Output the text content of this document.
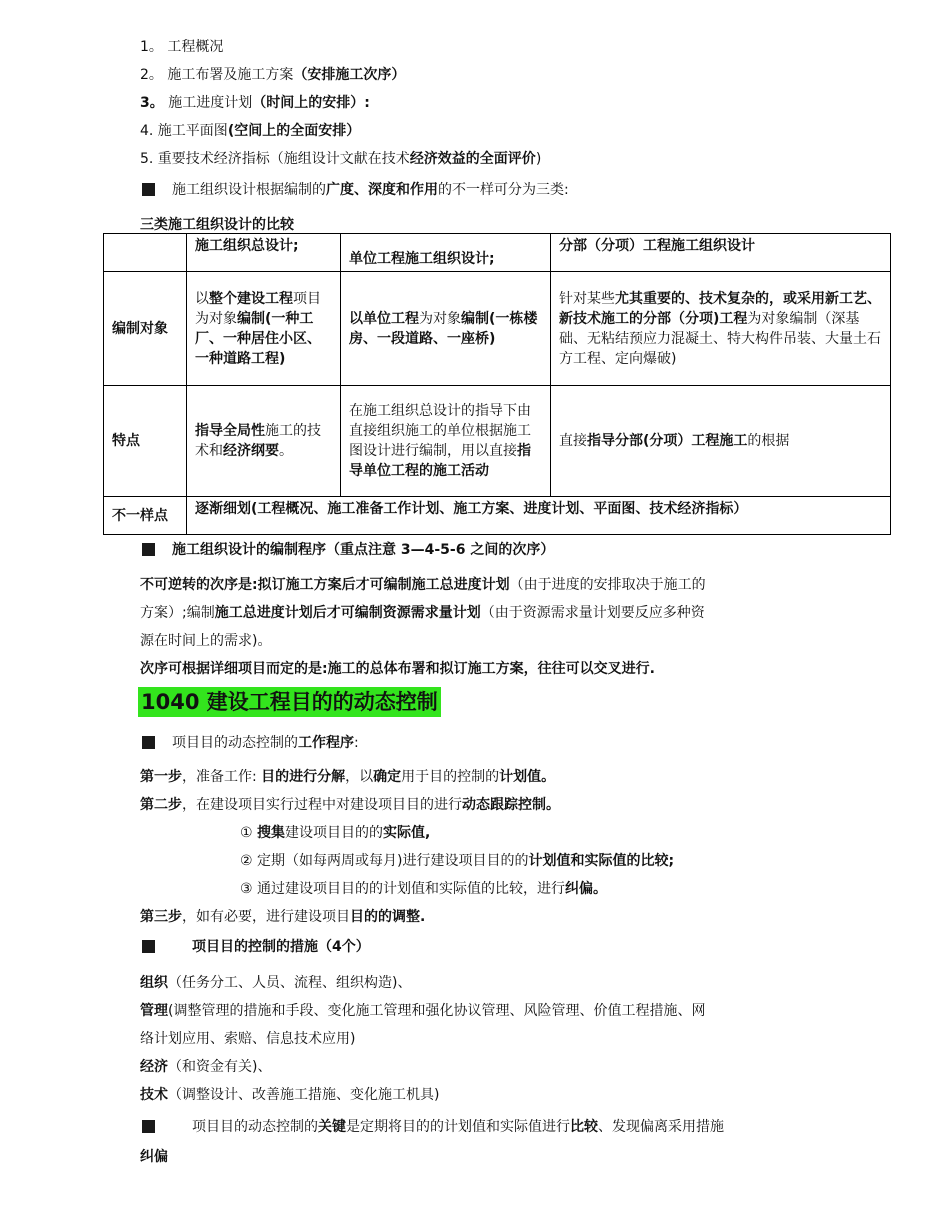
1。 工程概况
2。 施工布署及施工方案（安排施工次序）
3。 施工进度计划（时间上的安排）:
4. 施工平面图(空间上的全面安排）
5. 重要技术经济指标（施组设计文献在技术经济效益的全面评价)
施工组织设计根据编制的广度、深度和作用的不一样可分为三类:
三类施工组织设计的比较
	施工组织总设计;	单位工程施工组织设计;	分部（分项）工程施工组织设计
编制对象	以整个建设工程项目为对象编制(一种工厂、一种居住小区、一种道路工程)	以单位工程为对象编制(一栋楼房、一段道路、一座桥)	针对某些尤其重要的、技术复杂的，或采用新工艺、新技术施工的分部（分项)工程为对象编制（深基础、无粘结预应力混凝土、特大构件吊装、大量土石方工程、定向爆破)
特点	指导全局性施工的技术和经济纲要。	在施工组织总设计的指导下由直接组织施工的单位根据施工图设计进行编制，用以直接指导单位工程的施工活动	直接指导分部(分项）工程施工的根据
不一样点	逐渐细划(工程概况、施工准备工作计划、施工方案、进度计划、平面图、技术经济指标）		
施工组织设计的编制程序（重点注意 3—4-5-6 之间的次序）
不可逆转的次序是:拟订施工方案后才可编制施工总进度计划（由于进度的安排取决于施工的
方案）;编制施工总进度计划后才可编制资源需求量计划（由于资源需求量计划要反应多种资
源在时间上的需求)。
次序可根据详细项目而定的是:施工的总体布署和拟订施工方案，往往可以交叉进行.
1040 建设工程目的的动态控制
项目目的动态控制的工作程序:
第一步，准备工作: 目的进行分解，以确定用于目的控制的计划值。
第二步，在建设项目实行过程中对建设项目目的进行动态跟踪控制。
① 搜集建设项目目的的实际值,
② 定期（如每两周或每月)进行建设项目目的的计划值和实际值的比较;
③ 通过建设项目目的的计划值和实际值的比较，进行纠偏。
第三步，如有必要，进行建设项目目的的调整.
项目目的控制的措施（4个）
组织（任务分工、人员、流程、组织构造)、
管理(调整管理的措施和手段、变化施工管理和强化协议管理、风险管理、价值工程措施、网
络计划应用、索赔、信息技术应用)
经济（和资金有关)、
技术（调整设计、改善施工措施、变化施工机具)
项目目的动态控制的关键是定期将目的的计划值和实际值进行比较、发现偏离采用措施
纠偏
